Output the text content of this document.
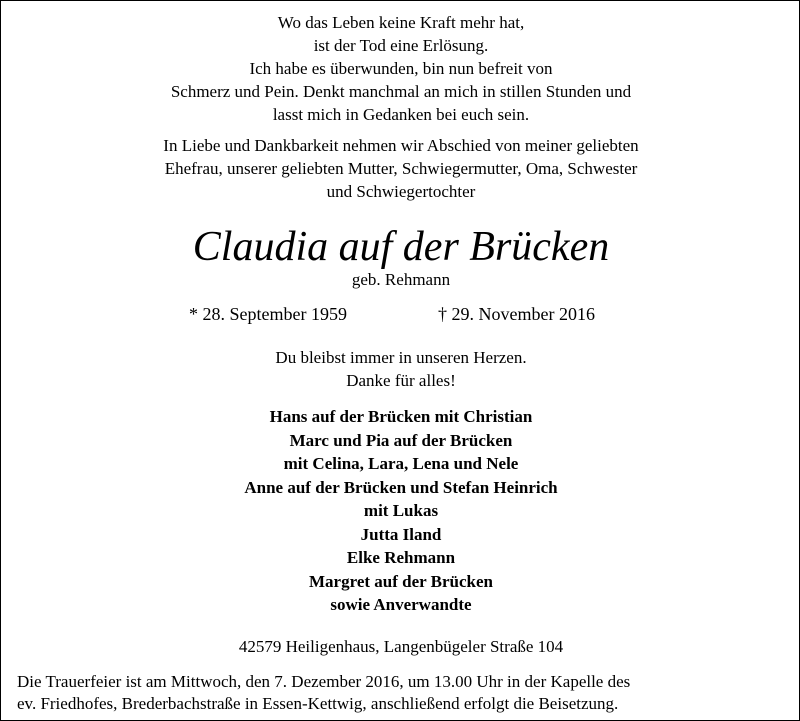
Wo das Leben keine Kraft mehr hat,
ist der Tod eine Erlösung.
Ich habe es überwunden, bin nun befreit von
Schmerz und Pein. Denkt manchmal an mich in stillen Stunden und
lasst mich in Gedanken bei euch sein.
In Liebe und Dankbarkeit nehmen wir Abschied von meiner geliebten
Ehefrau, unserer geliebten Mutter, Schwiegermutter, Oma, Schwester
und Schwiegertochter
Claudia auf der Brücken
geb. Rehmann
* 28. September 1959	† 29. November 2016
Du bleibst immer in unseren Herzen.
Danke für alles!
Hans auf der Brücken mit Christian
Marc und Pia auf der Brücken
mit Celina, Lara, Lena und Nele
Anne auf der Brücken und Stefan Heinrich
mit Lukas
Jutta Iland
Elke Rehmann
Margret auf der Brücken
sowie Anverwandte
42579 Heiligenhaus, Langenbügeler Straße 104
Die Trauerfeier ist am Mittwoch, den 7. Dezember 2016, um 13.00 Uhr in der Kapelle des
ev. Friedhofes, Brederbachstraße in Essen-Kettwig, anschließend erfolgt die Beisetzung.
